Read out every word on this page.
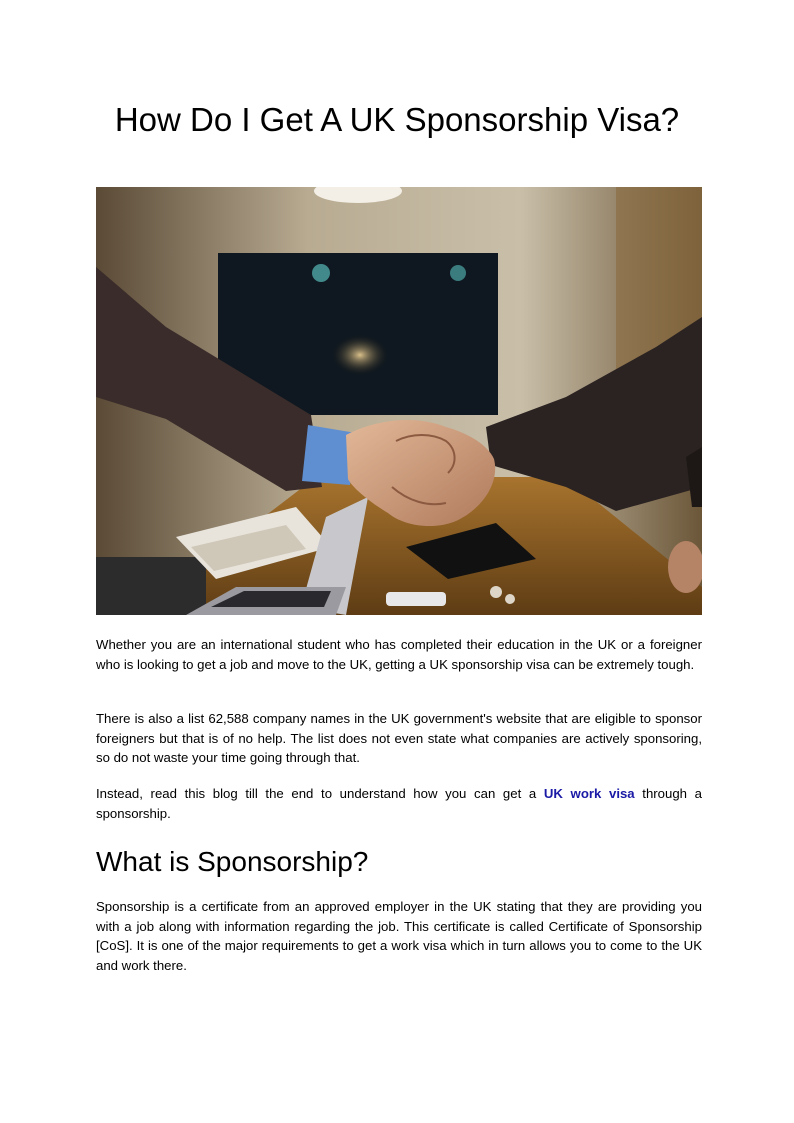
How Do I Get A UK Sponsorship Visa?

Whether you are an international student who has completed their education in the UK or a foreigner who is looking to get a job and move to the UK, getting a UK sponsorship visa can be extremely tough.

There is also a list 62,588 company names in the UK government's website that are eligible to sponsor foreigners but that is of no help. The list does not even state what companies are actively sponsoring, so do not waste your time going through that.

Instead, read this blog till the end to understand how you can get a UK work visa through a sponsorship.

What is Sponsorship?

Sponsorship is a certificate from an approved employer in the UK stating that they are providing you with a job along with information regarding the job. This certificate is called Certificate of Sponsorship [CoS]. It is one of the major requirements to get a work visa which in turn allows you to come to the UK and work there.
